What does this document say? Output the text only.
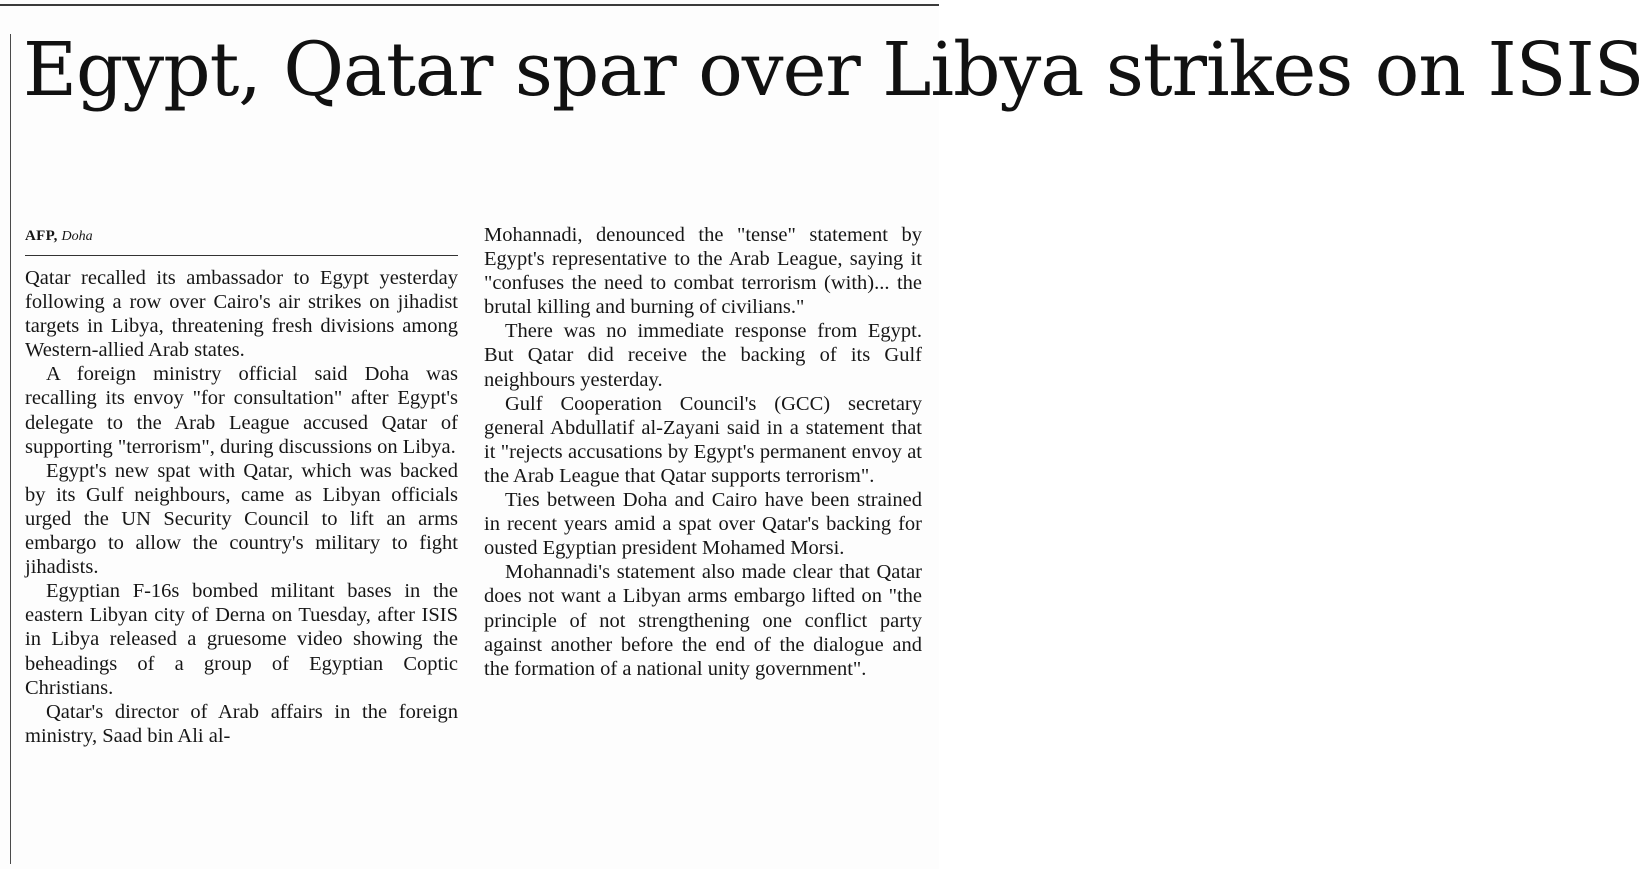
Egypt, Qatar spar over Libya strikes on ISIS
AFP, Doha

Qatar recalled its ambassador to Egypt yesterday following a row over Cairo's air strikes on jihadist targets in Libya, threatening fresh divisions among Western-allied Arab states.

A foreign ministry official said Doha was recalling its envoy "for consultation" after Egypt's delegate to the Arab League accused Qatar of supporting "terrorism", during discussions on Libya.

Egypt's new spat with Qatar, which was backed by its Gulf neighbours, came as Libyan officials urged the UN Security Council to lift an arms embargo to allow the country's military to fight jihadists.

Egyptian F-16s bombed militant bases in the eastern Libyan city of Derna on Tuesday, after ISIS in Libya released a gruesome video showing the beheadings of a group of Egyptian Coptic Christians.

Qatar's director of Arab affairs in the foreign ministry, Saad bin Ali al-

Mohannadi, denounced the "tense" statement by Egypt's representative to the Arab League, saying it "confuses the need to combat terrorism (with)... the brutal killing and burning of civilians."

There was no immediate response from Egypt. But Qatar did receive the backing of its Gulf neighbours yesterday.

Gulf Cooperation Council's (GCC) secretary general Abdullatif al-Zayani said in a statement that it "rejects accusations by Egypt's permanent envoy at the Arab League that Qatar supports terrorism".

Ties between Doha and Cairo have been strained in recent years amid a spat over Qatar's backing for ousted Egyptian president Mohamed Morsi.

Mohannadi's statement also made clear that Qatar does not want a Libyan arms embargo lifted on "the principle of not strengthening one conflict party against another before the end of the dialogue and the formation of a national unity government".
